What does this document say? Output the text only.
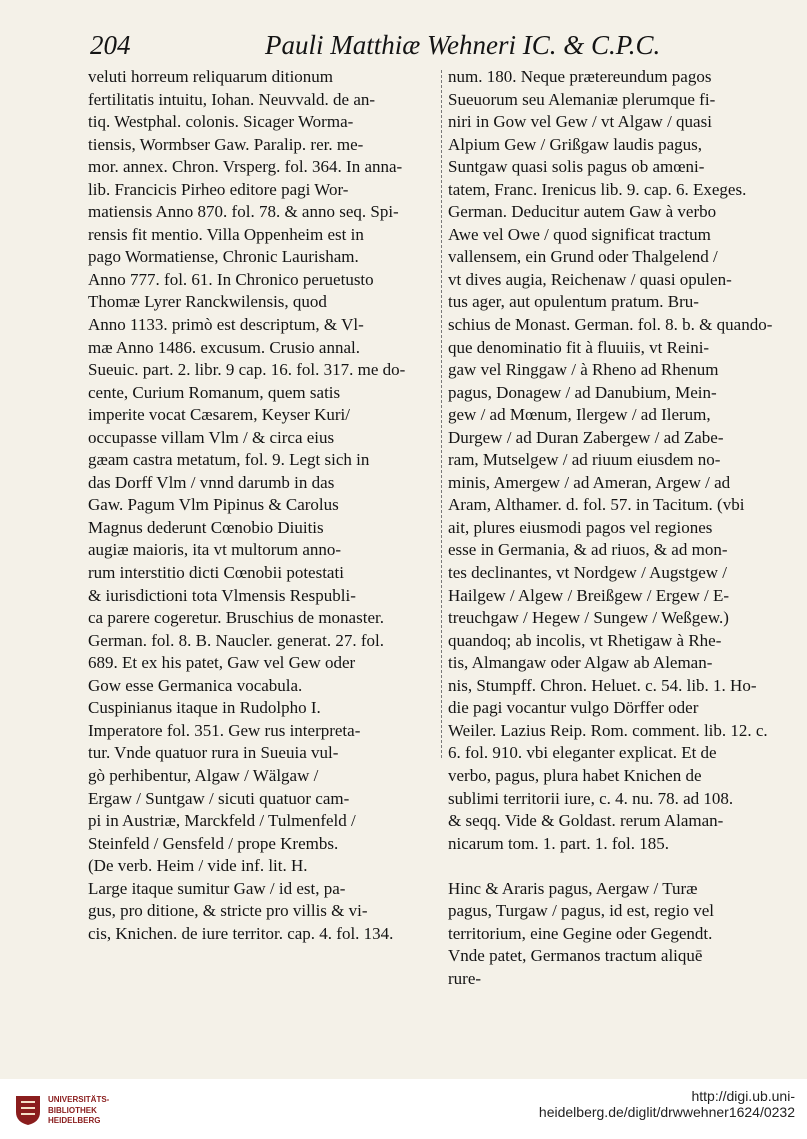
204	Pauli Matthiæ Wehneri IC. & C.P.C.
veluti horreum reliquarum ditionum
fertilitatis intuitu, Iohan. Neuvvald. de an-
tiq. Westphal. colonis. Sicager Worma-
tiensis, Wormbser Gaw. Paralip. rer. me-
mor. annex. Chron. Vrsperg. fol. 364. In anna-
lib. Francicis Pirheo editore pagi Wor-
matiensis Anno 870. fol. 78. & anno seq. Spi-
rensis fit mentio. Villa Oppenheim est in
pago Wormatiense, Chronic Laurisham.
Anno 777. fol. 61. In Chronico peruetusto
Thomæ Lyrer Ranckwilensis, quod
Anno 1133. primò est descriptum, & Vl-
mæ Anno 1486. excusum. Crusio annal.
Sueuic. part. 2. libr. 9 cap. 16. fol. 317. me do-
cente, Curium Romanum, quem satis
imperite vocat Cæsarem, Keyser Kuri/
occupasse villam Vlm / & circa eius
gæam castra metatum, fol. 9. Legt sich in
das Dorff Vlm / vnnd darumb in das
Gaw. Pagum Vlm Pipinus & Carolus
Magnus dederunt Cœnobio Diuitis
augiæ maioris, ita vt multorum anno-
rum interstitio dicti Cœnobii potestati
& iurisdictioni tota Vlmensis Respubli-
ca parere cogeretur. Bruschius de monaster.
German. fol. 8. B. Naucler. generat. 27. fol.
689. Et ex his patet, Gaw vel Gew oder
Gow esse Germanica vocabula.
Cuspinianus itaque in Rudolpho I.
Imperatore fol. 351. Gew rus interpreta-
tur. Vnde quatuor rura in Sueuia vul-
gò perhibentur, Algaw / Wälgaw /
Ergaw / Suntgaw / sicuti quatuor cam-
pi in Austriæ, Marckfeld / Tulmenfeld /
Steinfeld / Gensfeld / prope Krembs.
(De verb. Heim / vide inf. lit. H.
Large itaque sumitur Gaw / id est, pa-
gus, pro ditione, & stricte pro villis & vi-
cis, Knichen. de iure territor. cap. 4. fol. 134.
num. 180. Neque prætereundum pagos
Sueuorum seu Alemaniæ plerumque fi-
niri in Gow vel Gew / vt Algaw / quasi
Alpium Gew / Grißgaw laudis pagus,
Suntgaw quasi solis pagus ob amœni-
tatem, Franc. Irenicus lib. 9. cap. 6. Exeges.
German. Deducitur autem Gaw à verbo
Awe vel Owe / quod significat tractum
vallensem, ein Grund oder Thalgelend /
vt dives augia, Reichenaw / quasi opulen-
tus ager, aut opulentum pratum. Bru-
schius de Monast. German. fol. 8. b. & quando-
que denominatio fit à fluuiis, vt Reini-
gaw vel Ringgaw / à Rheno ad Rhenum
pagus, Donagew / ad Danubium, Mein-
gew / ad Mœnum, Ilergew / ad Ilerum,
Durgew / ad Duran Zabergew / ad Zabe-
ram, Mutselgew / ad riuum eiusdem no-
minis, Amergew / ad Ameran, Argew / ad
Aram, Althamer. d. fol. 57. in Tacitum. (vbi
ait, plures eiusmodi pagos vel regiones
esse in Germania, & ad riuos, & ad mon-
tes declinantes, vt Nordgew / Augstgew /
Hailgew / Algew / Breißgew / Ergew / E-
treuchgaw / Hegew / Sungew / Weßgew.)
quandoq; ab incolis, vt Rhetigaw à Rhe-
tis, Almangaw oder Algaw ab Aleman-
nis, Stumpff. Chron. Heluet. c. 54. lib. 1. Ho-
die pagi vocantur vulgo Dörffer oder
Weiler. Lazius Reip. Rom. comment. lib. 12. c.
6. fol. 910. vbi eleganter explicat. Et de
verbo, pagus, plura habet Knichen de
sublimi territorii iure, c. 4. nu. 78. ad 108.
& seqq. Vide & Goldast. rerum Alaman-
nicarum tom. 1. part. 1. fol. 185.
Hinc & Araris pagus, Aergaw / Turæ
pagus, Turgaw / pagus, id est, regio vel
territorium, eine Gegine oder Gegendt.
Vnde patet, Germanos tractum aliquē
rure-
UNIVERSITÄTS-
BIBLIOTHEK
HEIDELBERG
http://digi.ub.uni-heidelberg.de/diglit/drwwehner1624/0232
